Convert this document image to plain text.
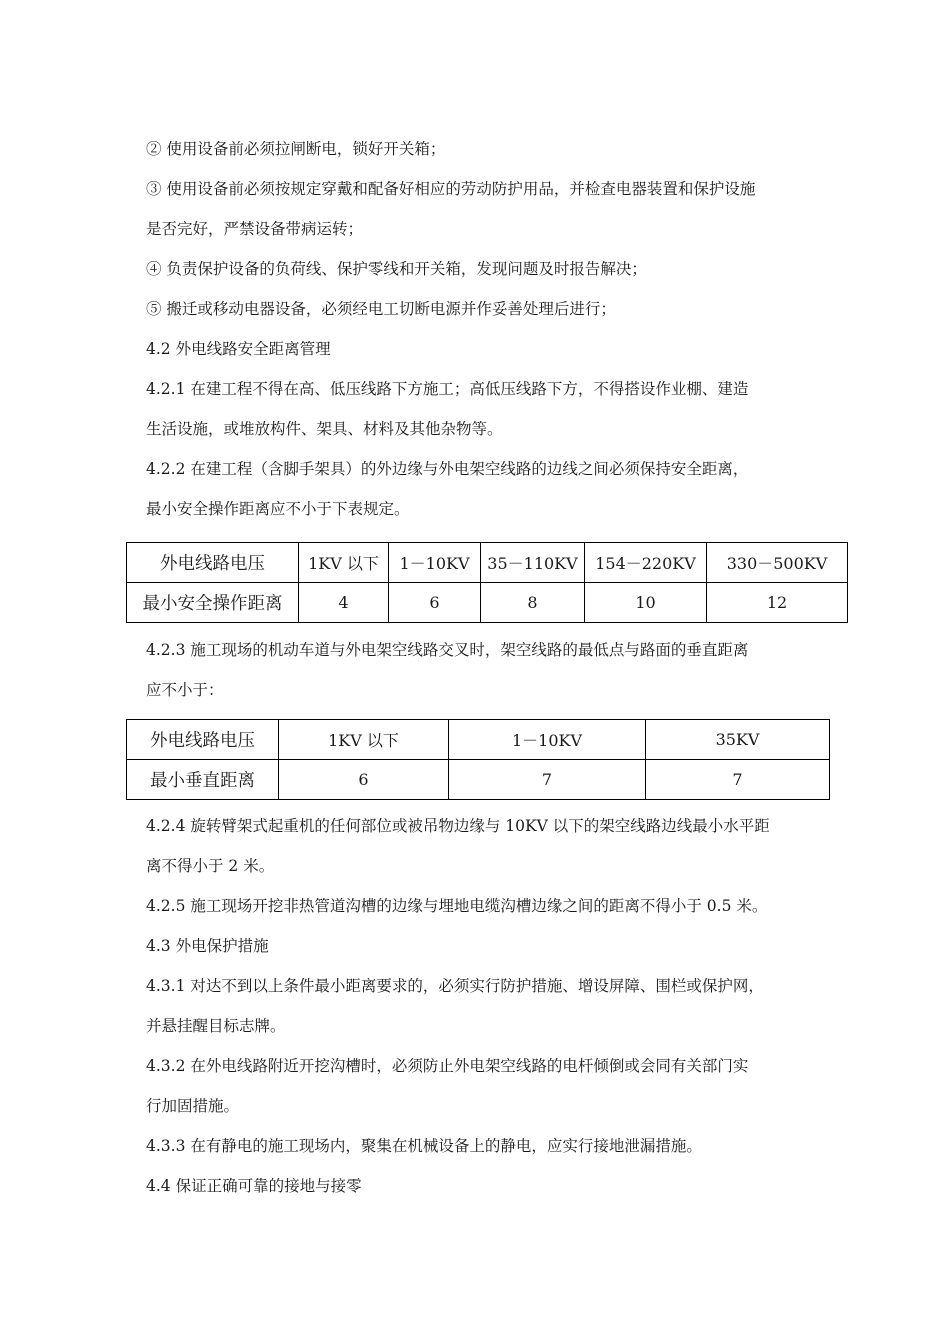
② 使用设备前必须拉闸断电，锁好开关箱；
③ 使用设备前必须按规定穿戴和配备好相应的劳动防护用品，并检查电器装置和保护设施
是否完好，严禁设备带病运转；
④ 负责保护设备的负荷线、保护零线和开关箱，发现问题及时报告解决；
⑤ 搬迁或移动电器设备，必须经电工切断电源并作妥善处理后进行；
4.2 外电线路安全距离管理
4.2.1 在建工程不得在高、低压线路下方施工；高低压线路下方，不得搭设作业棚、建造
生活设施，或堆放构件、架具、材料及其他杂物等。
4.2.2 在建工程（含脚手架具）的外边缘与外电架空线路的边线之间必须保持安全距离，
最小安全操作距离应不小于下表规定。
外电线路电压	1KV 以下	1－10KV	35－110KV	154－220KV	330－500KV
最小安全操作距离	4	6	8	10	12
4.2.3 施工现场的机动车道与外电架空线路交叉时，架空线路的最低点与路面的垂直距离
应不小于：
外电线路电压	1KV 以下	1－10KV	35KV
最小垂直距离	6	7	7
4.2.4 旋转臂架式起重机的任何部位或被吊物边缘与 10KV 以下的架空线路边线最小水平距
离不得小于 2 米。
4.2.5 施工现场开挖非热管道沟槽的边缘与埋地电缆沟槽边缘之间的距离不得小于 0.5 米。
4.3 外电保护措施
4.3.1 对达不到以上条件最小距离要求的，必须实行防护措施、增设屏障、围栏或保护网，
并悬挂醒目标志牌。
4.3.2 在外电线路附近开挖沟槽时，必须防止外电架空线路的电杆倾倒或会同有关部门实
行加固措施。
4.3.3 在有静电的施工现场内，聚集在机械设备上的静电，应实行接地泄漏措施。
4.4 保证正确可靠的接地与接零
